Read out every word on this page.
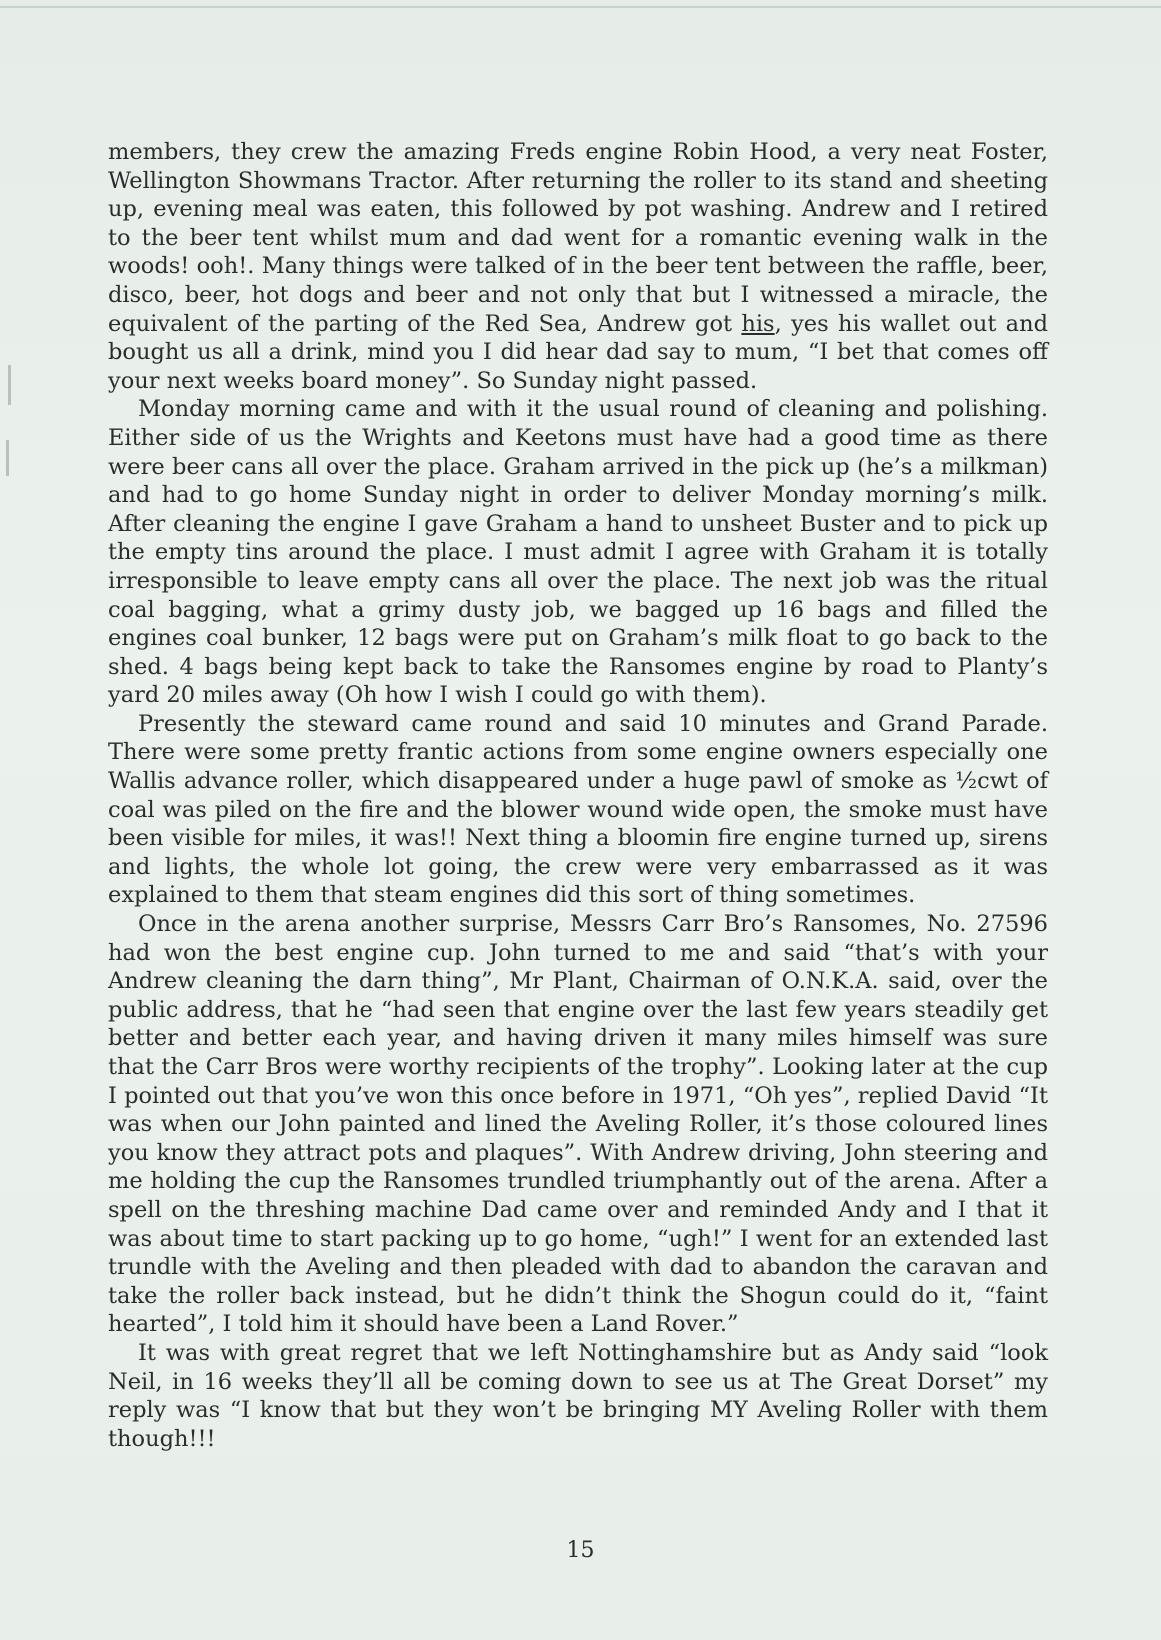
members, they crew the amazing Freds engine Robin Hood, a very neat Foster, Wellington Showmans Tractor. After returning the roller to its stand and sheeting up, evening meal was eaten, this followed by pot washing. Andrew and I retired to the beer tent whilst mum and dad went for a romantic evening walk in the woods! ooh!. Many things were talked of in the beer tent between the raffle, beer, disco, beer, hot dogs and beer and not only that but I witnessed a miracle, the equivalent of the parting of the Red Sea, Andrew got his, yes his wallet out and bought us all a drink, mind you I did hear dad say to mum, “I bet that comes off your next weeks board money”. So Sunday night passed.

Monday morning came and with it the usual round of cleaning and polishing. Either side of us the Wrights and Keetons must have had a good time as there were beer cans all over the place. Graham arrived in the pick up (he’s a milkman) and had to go home Sunday night in order to deliver Monday morning’s milk. After cleaning the engine I gave Graham a hand to unsheet Buster and to pick up the empty tins around the place. I must admit I agree with Graham it is totally irresponsible to leave empty cans all over the place. The next job was the ritual coal bagging, what a grimy dusty job, we bagged up 16 bags and filled the engines coal bunker, 12 bags were put on Graham’s milk float to go back to the shed. 4 bags being kept back to take the Ransomes engine by road to Planty’s yard 20 miles away (Oh how I wish I could go with them).

Presently the steward came round and said 10 minutes and Grand Parade. There were some pretty frantic actions from some engine owners especially one Wallis advance roller, which disappeared under a huge pawl of smoke as ½cwt of coal was piled on the fire and the blower wound wide open, the smoke must have been visible for miles, it was!! Next thing a bloomin fire engine turned up, sirens and lights, the whole lot going, the crew were very embarrassed as it was explained to them that steam engines did this sort of thing sometimes.

Once in the arena another surprise, Messrs Carr Bro’s Ransomes, No. 27596 had won the best engine cup. John turned to me and said “that’s with your Andrew cleaning the darn thing”, Mr Plant, Chairman of O.N.K.A. said, over the public address, that he “had seen that engine over the last few years steadily get better and better each year, and having driven it many miles himself was sure that the Carr Bros were worthy recipients of the trophy”. Looking later at the cup I pointed out that you’ve won this once before in 1971, “Oh yes”, replied David “It was when our John painted and lined the Aveling Roller, it’s those coloured lines you know they attract pots and plaques”. With Andrew driving, John steering and me holding the cup the Ransomes trundled triumphantly out of the arena. After a spell on the threshing machine Dad came over and reminded Andy and I that it was about time to start packing up to go home, “ugh!” I went for an extended last trundle with the Aveling and then pleaded with dad to abandon the caravan and take the roller back instead, but he didn’t think the Shogun could do it, “faint hearted”, I told him it should have been a Land Rover.”

It was with great regret that we left Nottinghamshire but as Andy said “look Neil, in 16 weeks they’ll all be coming down to see us at The Great Dorset” my reply was “I know that but they won’t be bringing MY Aveling Roller with them though!!!

15
